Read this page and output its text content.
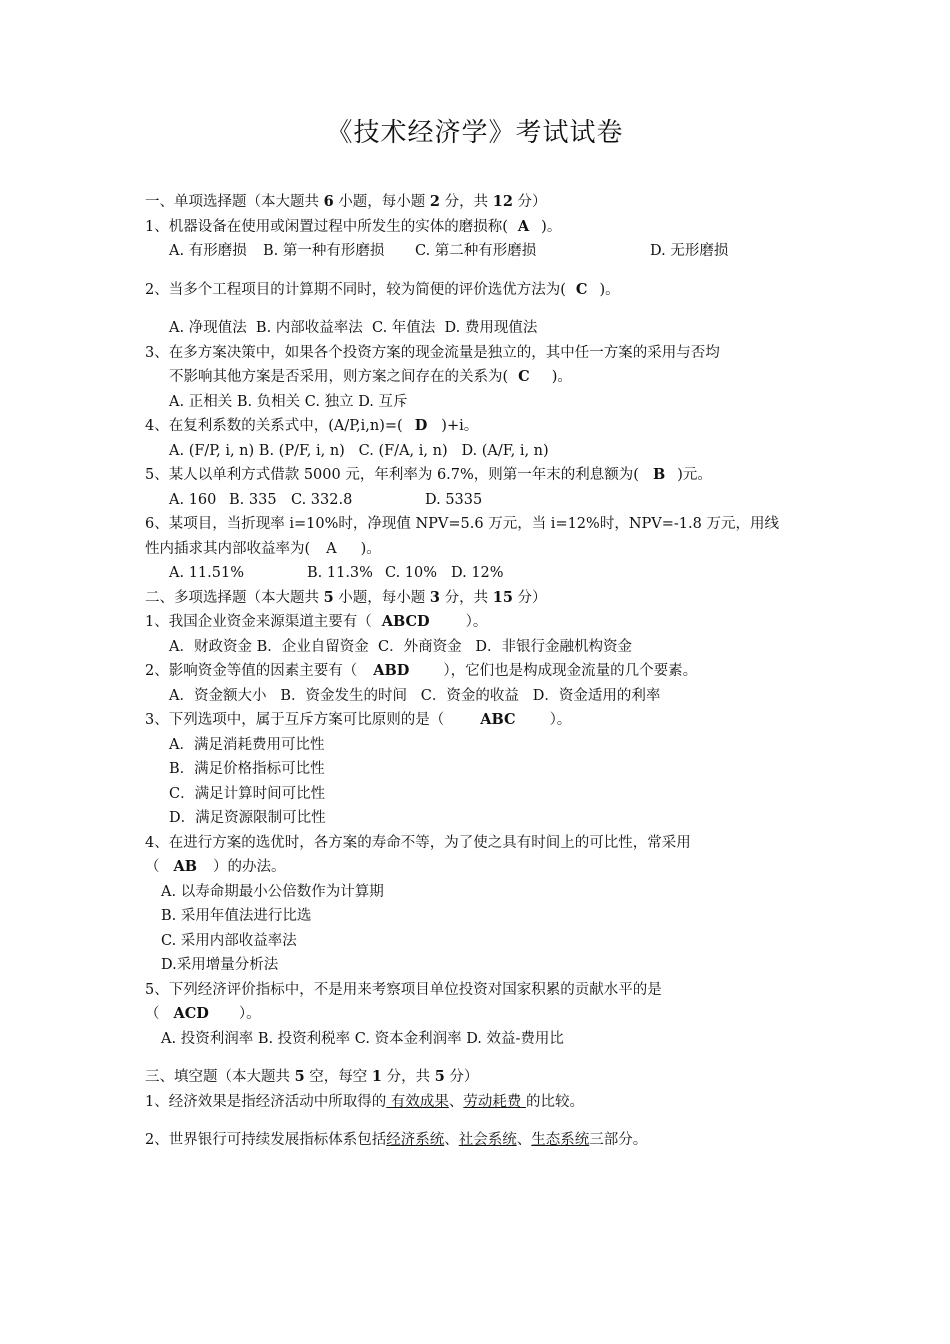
《技术经济学》考试试卷
一、单项选择题（本大题共 6 小题，每小题 2 分，共 12 分）
1、机器设备在使用或闲置过程中所发生的实体的磨损称( A )。
A. 有形磨损 B. 第一种有形磨损 C. 第二种有形磨损	D. 无形磨损
2、当多个工程项目的计算期不同时，较为简便的评价选优方法为( C )。
A. 净现值法 B. 内部收益率法 C. 年值法 D. 费用现值法
3、在多方案决策中，如果各个投资方案的现金流量是独立的，其中任一方案的采用与否均
不影响其他方案是否采用，则方案之间存在的关系为( C )。
A. 正相关 B. 负相关 C. 独立 D. 互斥
4、在复利系数的关系式中，(A/P,i,n)=( D )+i。
A. (F/P, i, n) B. (P/F, i, n) C. (F/A, i, n) D. (A/F, i, n)
5、某人以单利方式借款 5000 元，年利率为 6.7%，则第一年末的利息额为( B )元。
A. 160 B. 335 C. 332.8	D. 5335
6、某项目，当折现率 i=10%时，净现值 NPV=5.6 万元，当 i=12%时，NPV=-1.8 万元，用线
性内插求其内部收益率为( A )。
A. 11.51%	B. 11.3% C. 10% D. 12%
二、多项选择题（本大题共 5 小题，每小题 3 分，共 15 分）
1、我国企业资金来源渠道主要有（ ABCD ）。
A．财政资金 B．企业自留资金 C．外商资金 D．非银行金融机构资金
2、影响资金等值的因素主要有（ ABD ），它们也是构成现金流量的几个要素。
A．资金额大小 B．资金发生的时间 C．资金的收益 D．资金适用的利率
3、下列选项中，属于互斥方案可比原则的是（ ABC ）。
A．满足消耗费用可比性
B．满足价格指标可比性
C．满足计算时间可比性
D．满足资源限制可比性
4、在进行方案的选优时，各方案的寿命不等，为了使之具有时间上的可比性，常采用
（ AB ）的办法。
A. 以寿命期最小公倍数作为计算期
B. 采用年值法进行比选
C. 采用内部收益率法
D.采用增量分析法
5、下列经济评价指标中，不是用来考察项目单位投资对国家积累的贡献水平的是
（ ACD ）。
A. 投资利润率 B. 投资利税率 C. 资本金利润率 D. 效益-费用比
三、填空题（本大题共 5 空，每空 1 分，共 5 分）
1、经济效果是指经济活动中所取得的 有效成果、劳动耗费 的比较。
2、世界银行可持续发展指标体系包括经济系统、社会系统、生态系统三部分。
